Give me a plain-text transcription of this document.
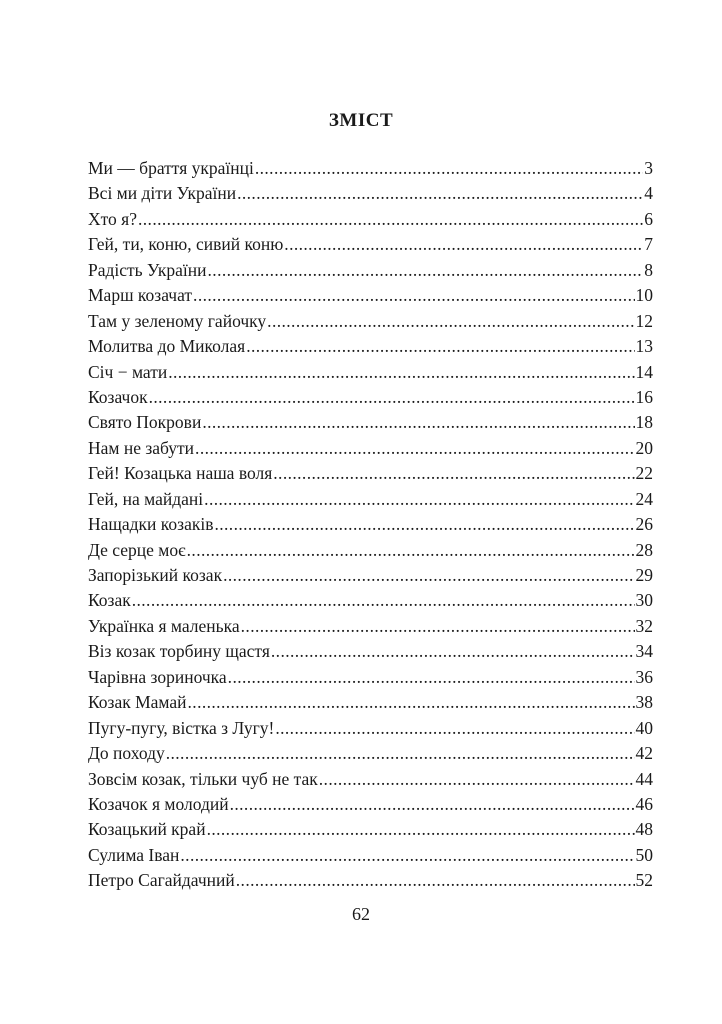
ЗМІСТ
Ми — браття українці .....	3
Всі ми діти України .....	4
Хто я? .....	6
Гей, ти, коню, сивий коню .....	7
Радість України .....	8
Марш козачат .....	10
Там у зеленому гайочку .....	12
Молитва до Миколая .....	13
Січ − мати .....	14
Козачок .....	16
Свято Покрови .....	18
Нам не забути .....	20
Гей! Козацька наша воля .....	22
Гей, на майдані .....	24
Нащадки козаків .....	26
Де серце моє .....	28
Запорізький козак .....	29
Козак .....	30
Українка я маленька .....	32
Віз козак торбину щастя .....	34
Чарівна зориночка .....	36
Козак Мамай .....	38
Пугу-пугу, вістка з Лугу! .....	40
До походу .....	42
Зовсім козак, тільки чуб не так .....	44
Козачок я молодий .....	46
Козацький край .....	48
Сулима Іван .....	50
Петро Сагайдачний .....	52
62
